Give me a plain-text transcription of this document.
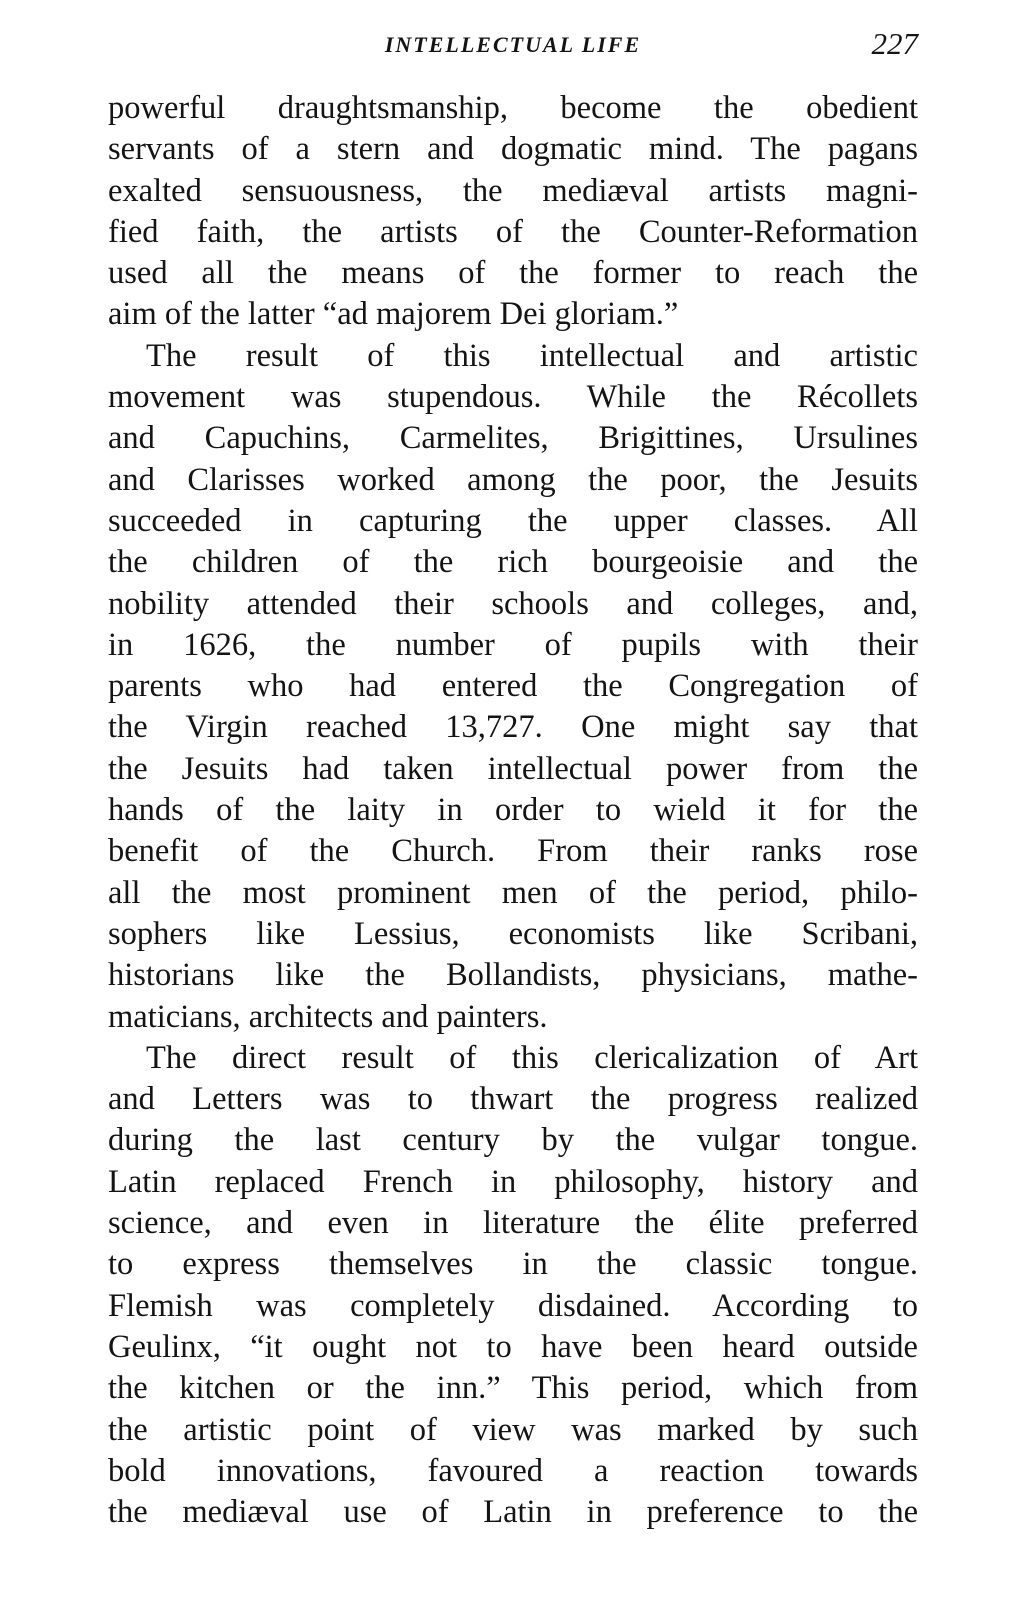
INTELLECTUAL LIFE	227
powerful draughtsmanship, become the obedient
servants of a stern and dogmatic mind. The pagans
exalted sensuousness, the mediæval artists magni-
fied faith, the artists of the Counter-Reformation
used all the means of the former to reach the
aim of the latter “ad majorem Dei gloriam.”
The result of this intellectual and artistic
movement was stupendous. While the Récollets
and Capuchins, Carmelites, Brigittines, Ursulines
and Clarisses worked among the poor, the Jesuits
succeeded in capturing the upper classes. All
the children of the rich bourgeoisie and the
nobility attended their schools and colleges, and,
in 1626, the number of pupils with their
parents who had entered the Congregation of
the Virgin reached 13,727. One might say that
the Jesuits had taken intellectual power from the
hands of the laity in order to wield it for the
benefit of the Church. From their ranks rose
all the most prominent men of the period, philo-
sophers like Lessius, economists like Scribani,
historians like the Bollandists, physicians, mathe-
maticians, architects and painters.
The direct result of this clericalization of Art
and Letters was to thwart the progress realized
during the last century by the vulgar tongue.
Latin replaced French in philosophy, history and
science, and even in literature the élite preferred
to express themselves in the classic tongue.
Flemish was completely disdained. According to
Geulinx, “it ought not to have been heard outside
the kitchen or the inn.” This period, which from
the artistic point of view was marked by such
bold innovations, favoured a reaction towards
the mediæval use of Latin in preference to the
